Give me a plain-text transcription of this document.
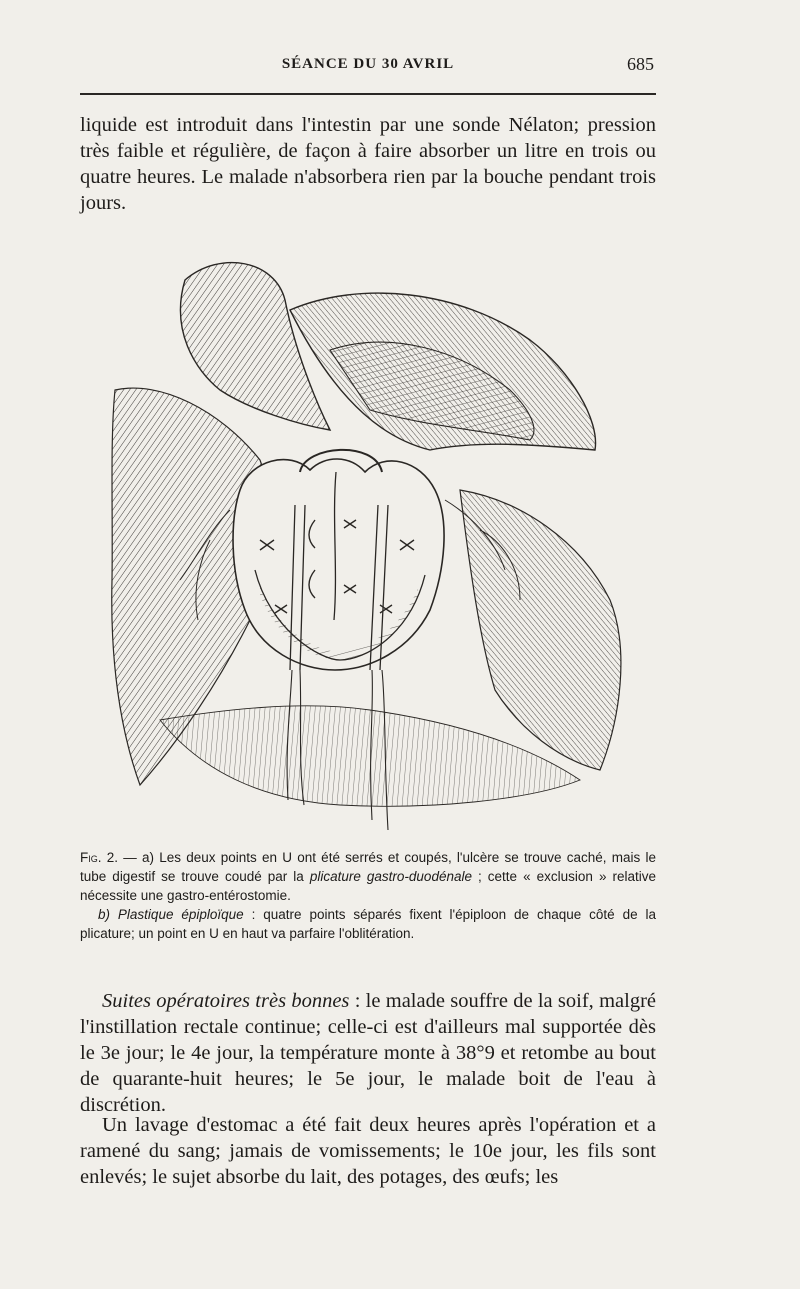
SÉANCE DU 30 AVRIL	685
liquide est introduit dans l'intestin par une sonde Nélaton; pression très faible et régulière, de façon à faire absorber un litre en trois ou quatre heures. Le malade n'absorbera rien par la bouche pendant trois jours.

Fig. 2. — a) Les deux points en U ont été serrés et coupés, l'ulcère se trouve caché, mais le tube digestif se trouve coudé par la plicature gastro-duodénale ; cette « exclusion » relative nécessite une gastro-entérostomie.

b) Plastique épiploïque : quatre points séparés fixent l'épiploon de chaque côté de la plicature; un point en U en haut va parfaire l'oblitération.

Suites opératoires très bonnes : le malade souffre de la soif, malgré l'instillation rectale continue; celle-ci est d'ailleurs mal supportée dès le 3e jour; le 4e jour, la température monte à 38°9 et retombe au bout de quarante-huit heures; le 5e jour, le malade boit de l'eau à discrétion.
Un lavage d'estomac a été fait deux heures après l'opération et a ramené du sang; jamais de vomissements; le 10e jour, les fils sont enlevés; le sujet absorbe du lait, des potages, des œufs; les
